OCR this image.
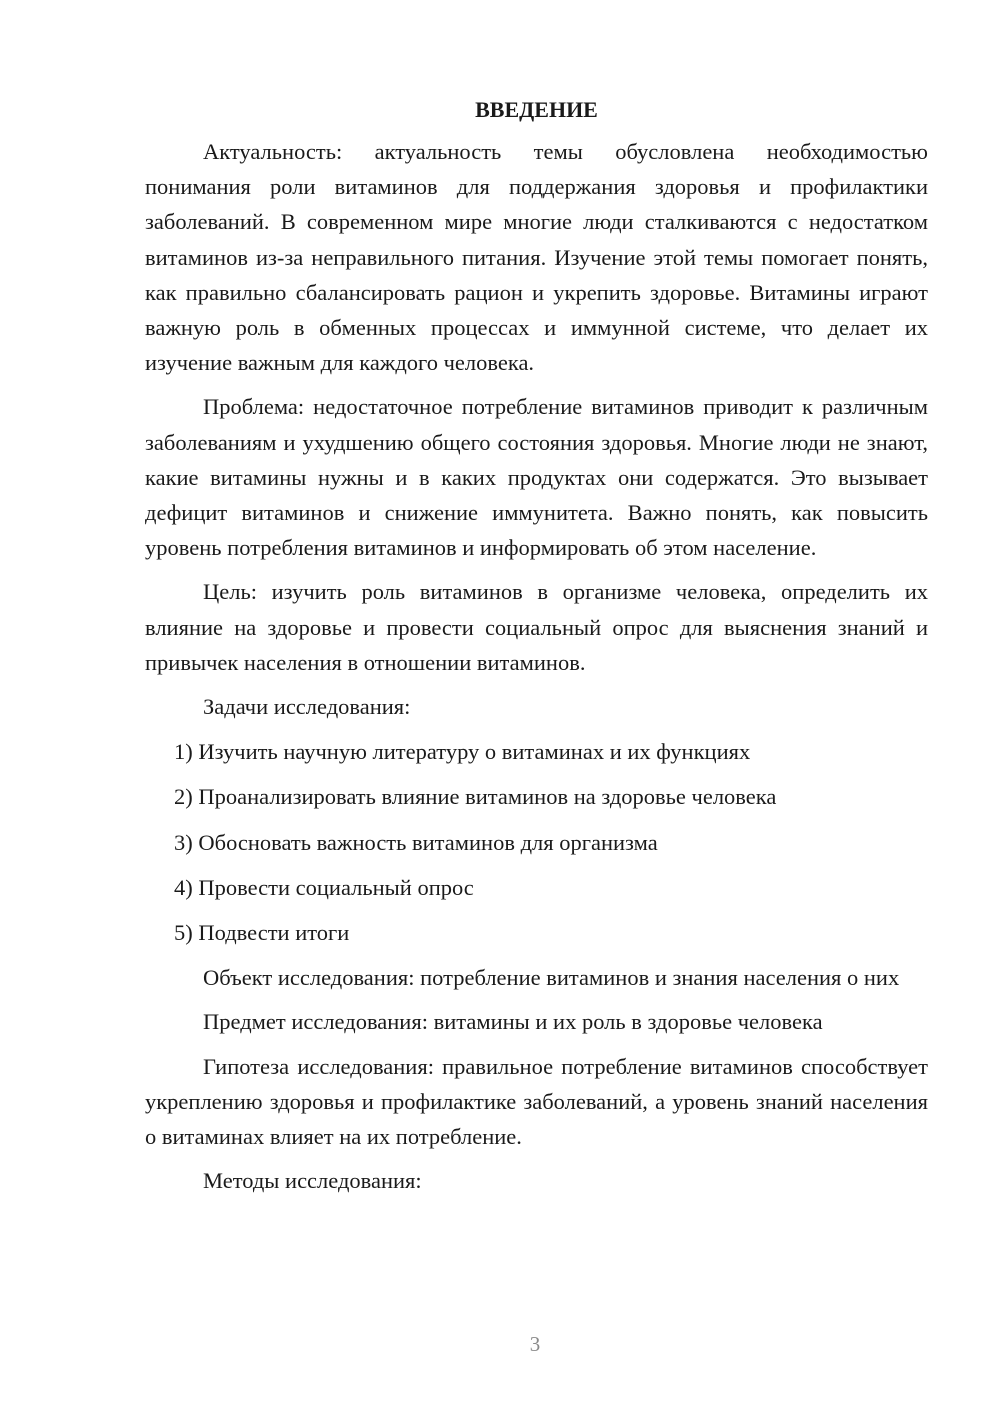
ВВЕДЕНИЕ

Актуальность: актуальность темы обусловлена необходимостью понимания роли витаминов для поддержания здоровья и профилактики заболеваний. В современном мире многие люди сталкиваются с недостатком витаминов из-за неправильного питания. Изучение этой темы помогает понять, как правильно сбалансировать рацион и укрепить здоровье. Витамины играют важную роль в обменных процессах и иммунной системе, что делает их изучение важным для каждого человека.

Проблема: недостаточное потребление витаминов приводит к различным заболеваниям и ухудшению общего состояния здоровья. Многие люди не знают, какие витамины нужны и в каких продуктах они содержатся. Это вызывает дефицит витаминов и снижение иммунитета. Важно понять, как повысить уровень потребления витаминов и информировать об этом население.

Цель: изучить роль витаминов в организме человека, определить их влияние на здоровье и провести социальный опрос для выяснения знаний и привычек населения в отношении витаминов.

Задачи исследования:
1) Изучить научную литературу о витаминах и их функциях
2) Проанализировать влияние витаминов на здоровье человека
3) Обосновать важность витаминов для организма
4) Провести социальный опрос
5) Подвести итоги

Объект исследования: потребление витаминов и знания населения о них

Предмет исследования: витамины и их роль в здоровье человека

Гипотеза исследования: правильное потребление витаминов способствует укреплению здоровья и профилактике заболеваний, а уровень знаний населения о витаминах влияет на их потребление.

Методы исследования:
3
